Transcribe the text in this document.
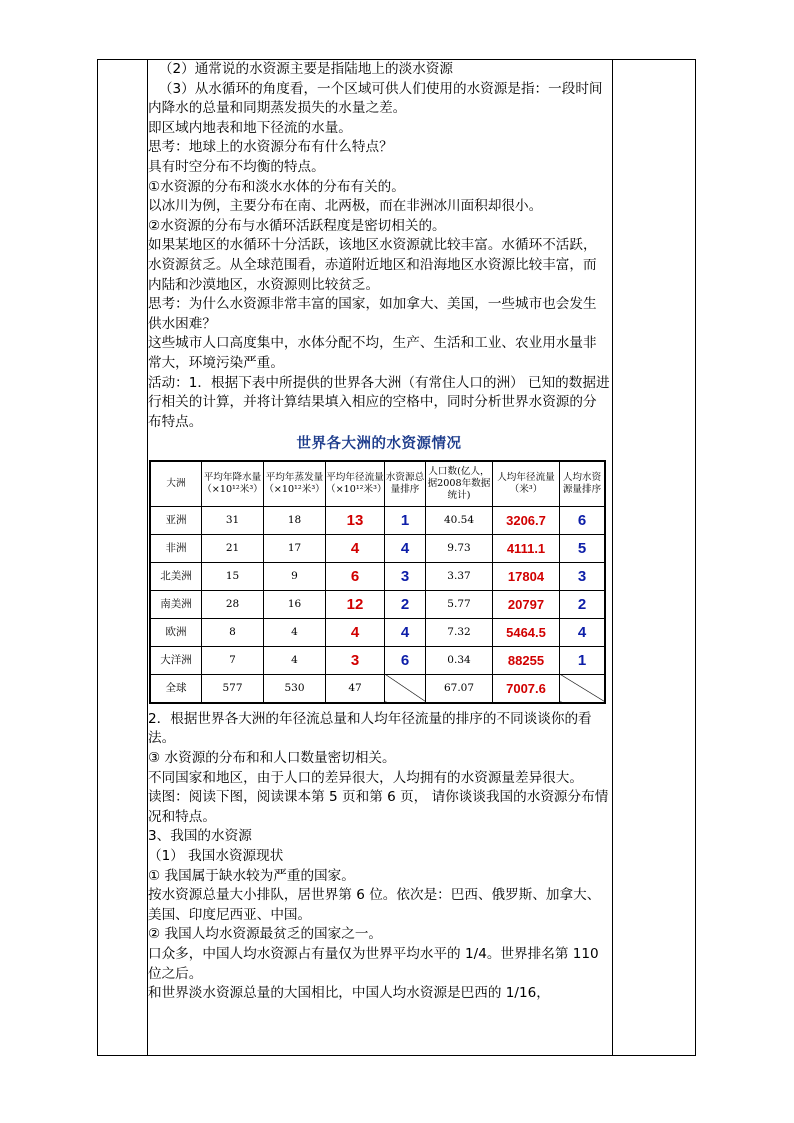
（2）通常说的水资源主要是指陆地上的淡水资源

（3）从水循环的角度看，一个区域可供人们使用的水资源是指：一段时间内降水的总量和同期蒸发损失的水量之差。

即区域内地表和地下径流的水量。

思考：地球上的水资源分布有什么特点？

具有时空分布不均衡的特点。

①水资源的分布和淡水水体的分布有关的。

以冰川为例，主要分布在南、北两极，而在非洲冰川面积却很小。

②水资源的分布与水循环活跃程度是密切相关的。

如果某地区的水循环十分活跃，该地区水资源就比较丰富。水循环不活跃，水资源贫乏。从全球范围看，赤道附近地区和沿海地区水资源比较丰富，而内陆和沙漠地区，水资源则比较贫乏。

思考：为什么水资源非常丰富的国家，如加拿大、美国，一些城市也会发生供水困难？

这些城市人口高度集中，水体分配不均，生产、生活和工业、农业用水量非常大，环境污染严重。

活动：1．根据下表中所提供的世界各大洲（有常住人口的洲） 已知的数据进行相关的计算，并将计算结果填入相应的空格中，同时分析世界水资源的分布特点。

世界各大洲的水资源情况
大洲	平均年降水量（×10¹²米³）	平均年蒸发量（×10¹²米³）	平均年径流量（×10¹²米³）	水资源总量排序	人口数(亿人，据2008年数据统计)	人均年径流量（米³）	人均水资源量排序
亚洲	31	18	13	1	40.54	3206.7	6
非洲	21	17	4	4	9.73	4111.1	5
北美洲	15	9	6	3	3.37	17804	3
南美洲	28	16	12	2	5.77	20797	2
欧洲	8	4	4	4	7.32	5464.5	4
大洋洲	7	4	3	6	0.34	88255	1
全球	577	530	47		67.07	7007.6	

2．根据世界各大洲的年径流总量和人均年径流量的排序的不同谈谈你的看法。

③ 水资源的分布和和人口数量密切相关。

不同国家和地区，由于人口的差异很大，人均拥有的水资源量差异很大。

读图：阅读下图，阅读课本第 5 页和第 6 页， 请你谈谈我国的水资源分布情况和特点。

3、我国的水资源

（1） 我国水资源现状

① 我国属于缺水较为严重的国家。

按水资源总量大小排队，居世界第 6 位。依次是：巴西、俄罗斯、加拿大、美国、印度尼西亚、中国。

② 我国人均水资源最贫乏的国家之一。

口众多，中国人均水资源占有量仅为世界平均水平的 1/4。世界排名第 110 位之后。

和世界淡水资源总量的大国相比，中国人均水资源是巴西的 1/16，
